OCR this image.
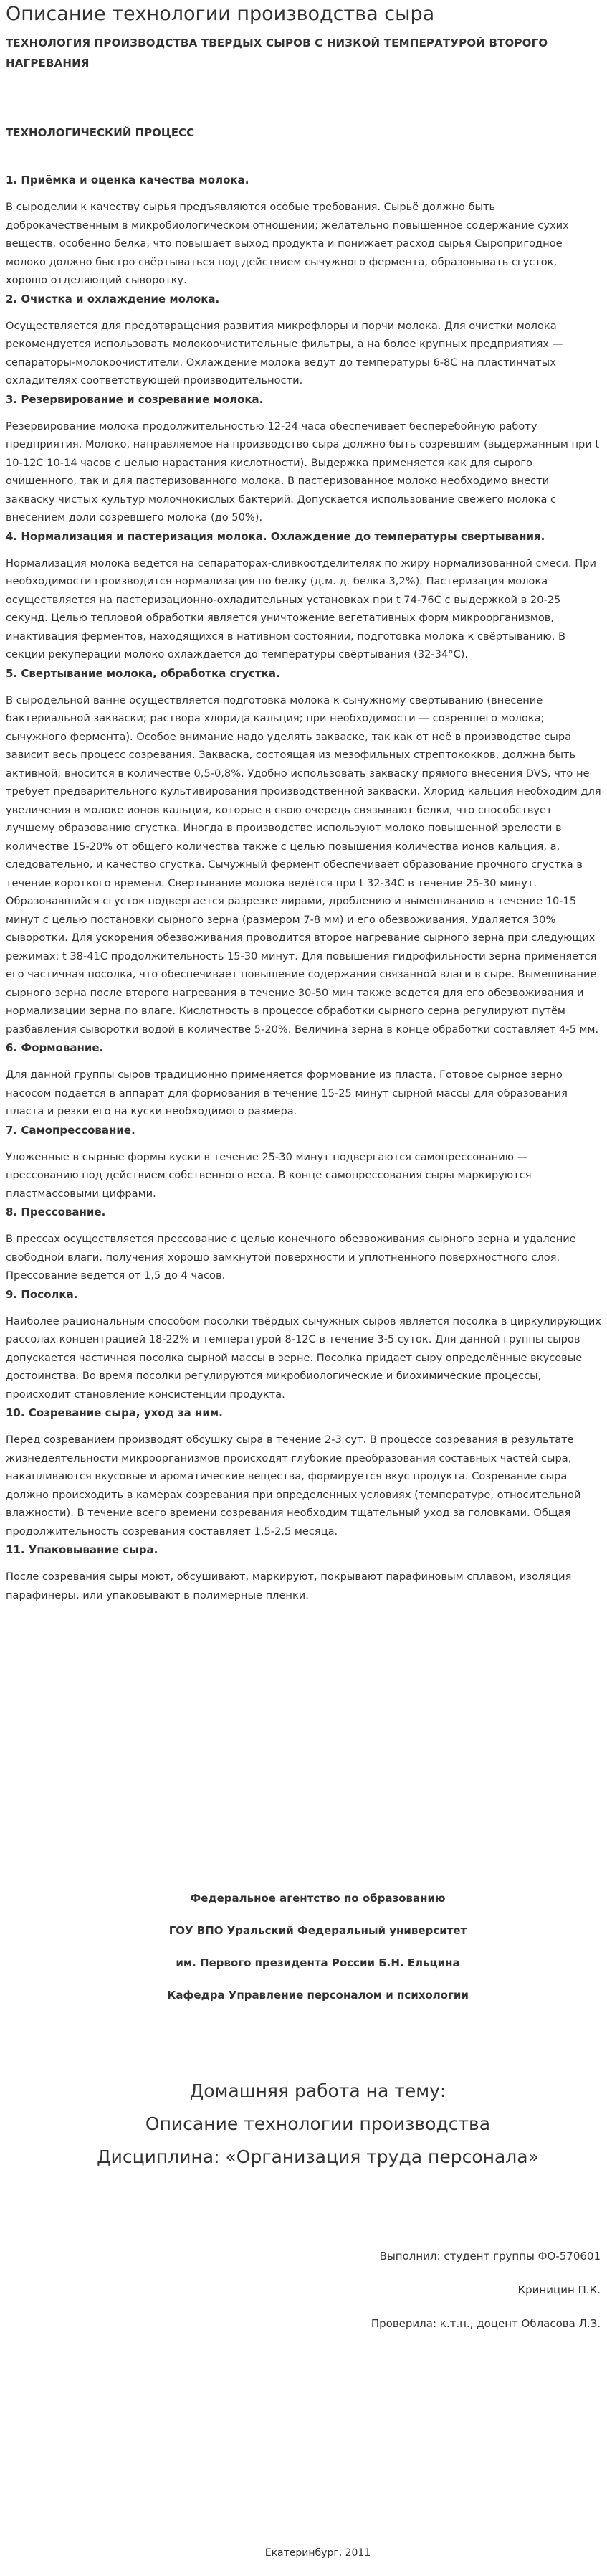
Описание технологии производства сыра
ТЕХНОЛОГИЯ ПРОИЗВОДСТВА ТВЕРДЫХ СЫРОВ С НИЗКОЙ ТЕМПЕРАТУРОЙ ВТОРОГО НАГРЕВАНИЯ
ТЕХНОЛОГИЧЕСКИЙ ПРОЦЕСС
1. Приёмка и оценка качества молока.

В сыроделии к качеству сырья предъявляются особые требования. Сырьё должно быть доброкачественным в микробиологическом отношении; желательно повышенное содержание сухих веществ, особенно белка, что повышает выход продукта и понижает расход сырья Сыропригодное молоко должно быстро свёртываться под действием сычужного фермента, образовывать сгусток, хорошо отделяющий сыворотку.

2. Очистка и охлаждение молока.

Осуществляется для предотвращения развития микрофлоры и порчи молока. Для очистки молока рекомендуется использовать молокоочистительные фильтры, а на более крупных предприятиях — сепараторы-молокоочистители. Охлаждение молока ведут до температуры 6-8С на пластинчатых охладителях соответствующей производительности.

3. Резервирование и созревание молока.

Резервирование молока продолжительностью 12-24 часа обеспечивает бесперебойную работу предприятия. Молоко, направляемое на производство сыра должно быть созревшим (выдержанным при t 10-12С 10-14 часов с целью нарастания кислотности). Выдержка применяется как для сырого очищенного, так и для пастеризованного молока. В пастеризованное молоко необходимо внести закваску чистых культур молочнокислых бактерий. Допускается использование свежего молока с внесением доли созревшего молока (до 50%).

4. Нормализация и пастеризация молока. Охлаждение до температуры свертывания.

Нормализация молока ведется на сепараторах-сливкоотделителях по жиру нормализованной смеси. При необходимости производится нормализация по белку (д.м. д. белка 3,2%). Пастеризация молока осуществляется на пастеризационно-охладительных установках при t 74-76С с выдержкой в 20-25 секунд. Целью тепловой обработки является уничтожение вегетативных форм микроорганизмов, инактивация ферментов, находящихся в нативном состоянии, подготовка молока к свёртыванию. В секции рекуперации молоко охлаждается до температуры свёртывания (32-34°С).

5. Свертывание молока, обработка сгустка.

В сыродельной ванне осуществляется подготовка молока к сычужному свертыванию (внесение бактериальной закваски; раствора хлорида кальция; при необходимости — созревшего молока; сычужного фермента). Особое внимание надо уделять закваске, так как от неё в производстве сыра зависит весь процесс созревания. Закваска, состоящая из мезофильных стрептококков, должна быть активной; вносится в количестве 0,5-0,8%. Удобно использовать закваску прямого внесения DVS, что не требует предварительного культивирования производственной закваски. Хлорид кальция необходим для увеличения в молоке ионов кальция, которые в свою очередь связывают белки, что способствует лучшему образованию сгустка. Иногда в производстве используют молоко повышенной зрелости в количестве 15-20% от общего количества также с целью повышения количества ионов кальция, а, следовательно, и качество сгустка. Сычужный фермент обеспечивает образование прочного сгустка в течение короткого времени. Свертывание молока ведётся при t 32-34С в течение 25-30 минут.

Образовавшийся сгусток подвергается разрезке лирами, дроблению и вымешиванию в течение 10-15 минут с целью постановки сырного зерна (размером 7-8 мм) и его обезвоживания. Удаляется 30% сыворотки. Для ускорения обезвоживания проводится второе нагревание сырного зерна при следующих режимах: t 38-41С продолжительность 15-30 минут. Для повышения гидрофильности зерна применяется его частичная посолка, что обеспечивает повышение содержания связанной влаги в сыре. Вымешивание сырного зерна после второго нагревания в течение 30-50 мин также ведется для его обезвоживания и нормализации зерна по влаге. Кислотность в процессе обработки сырного серна регулируют путём разбавления сыворотки водой в количестве 5-20%. Величина зерна в конце обработки составляет 4-5 мм.

6. Формование.

Для данной группы сыров традиционно применяется формование из пласта. Готовое сырное зерно насосом подается в аппарат для формования в течение 15-25 минут сырной массы для образования пласта и резки его на куски необходимого размера.

7. Самопрессование.

Уложенные в сырные формы куски в течение 25-30 минут подвергаются самопрессованию — прессованию под действием собственного веса. В конце самопрессования сыры маркируются пластмассовыми цифрами.

8. Прессование.

В прессах осуществляется прессование с целью конечного обезвоживания сырного зерна и удаление свободной влаги, получения хорошо замкнутой поверхности и уплотненного поверхностного слоя. Прессование ведется от 1,5 до 4 часов.

9. Посолка.

Наиболее рациональным способом посолки твёрдых сычужных сыров является посолка в циркулирующих рассолах концентрацией 18-22% и температурой 8-12С в течение 3-5 суток. Для данной группы сыров допускается частичная посолка сырной массы в зерне. Посолка придает сыру определённые вкусовые достоинства. Во время посолки регулируются микробиологические и биохимические процессы, происходит становление консистенции продукта.

10. Созревание сыра, уход за ним.

Перед созреванием производят обсушку сыра в течение 2-3 сут. В процессе созревания в результате жизнедеятельности микроорганизмов происходят глубокие преобразования составных частей сыра, накапливаются вкусовые и ароматические вещества, формируется вкус продукта. Созревание сыра должно происходить в камерах созревания при определенных условиях (температуре, относительной влажности). В течение всего времени созревания необходим тщательный уход за головками. Общая продолжительность созревания составляет 1,5-2,5 месяца.

11. Упаковывание сыра.

После созревания сыры моют, обсушивают, маркируют, покрывают парафиновым сплавом, изоляция парафинеры, или упаковывают в полимерные пленки.

Федеральное агентство по образованию
ГОУ ВПО Уральский Федеральный университет
им. Первого президента России Б.Н. Ельцина
Кафедра Управление персоналом и психологии
Домашняя работа на тему:
Описание технологии производства
Дисциплина: «Организация труда персонала»
Выполнил: студент группы ФО-570601
Криницин П.К.
Проверила: к.т.н., доцент Обласова Л.З.
Екатеринбург, 2011
